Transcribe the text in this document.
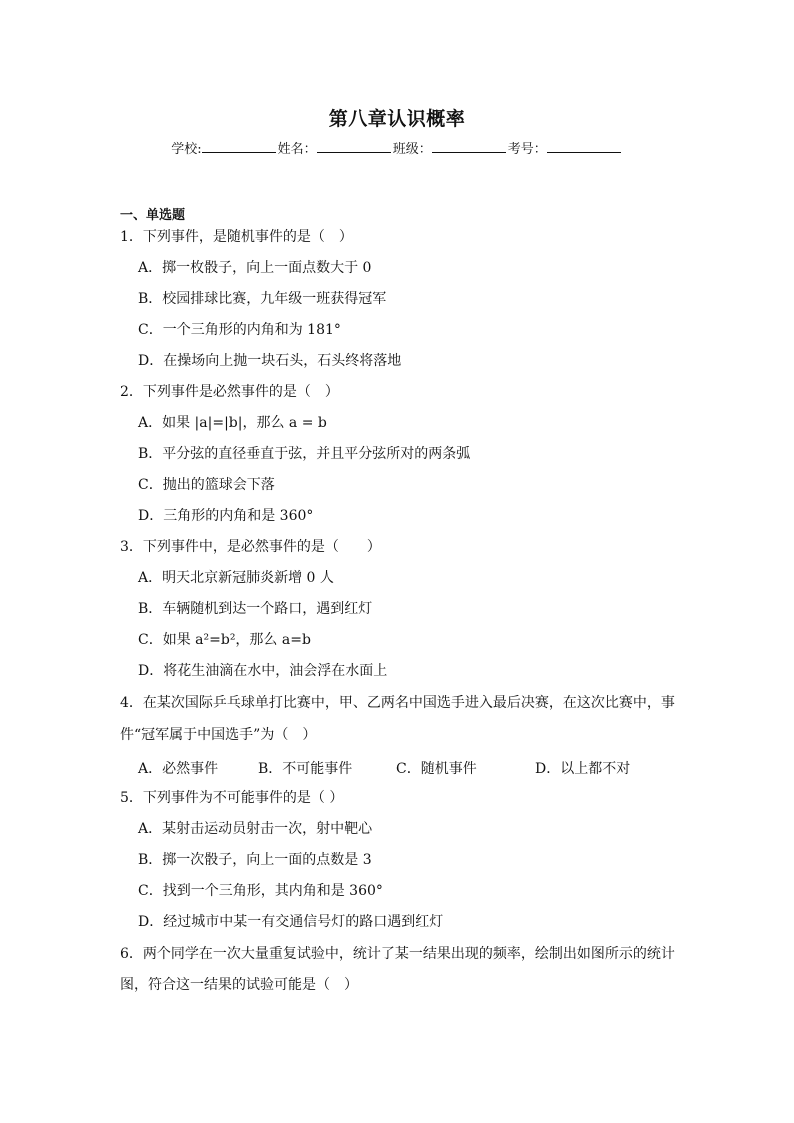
第八章认识概率
学校:	姓名：	班级：	考号：
一、单选题
1．下列事件，是随机事件的是（　）
A．掷一枚骰子，向上一面点数大于 0
B．校园排球比赛，九年级一班获得冠军
C．一个三角形的内角和为 181°
D．在操场向上抛一块石头，石头终将落地
2．下列事件是必然事件的是（　）
A．如果 |a|=|b|，那么 a = b
B．平分弦的直径垂直于弦，并且平分弦所对的两条弧
C．抛出的篮球会下落
D．三角形的内角和是 360°
3．下列事件中，是必然事件的是（　　）
A．明天北京新冠肺炎新增 0 人
B．车辆随机到达一个路口，遇到红灯
C．如果 a²=b²，那么 a=b
D．将花生油滴在水中，油会浮在水面上
4．在某次国际乒乓球单打比赛中，甲、乙两名中国选手进入最后决赛，在这次比赛中，事
件“冠军属于中国选手”为（　）
A．必然事件	B．不可能事件	C．随机事件	D．以上都不对
5．下列事件为不可能事件的是（ ）
A．某射击运动员射击一次，射中靶心
B．掷一次骰子，向上一面的点数是 3
C．找到一个三角形，其内角和是 360°
D．经过城市中某一有交通信号灯的路口遇到红灯
6．两个同学在一次大量重复试验中，统计了某一结果出现的频率，绘制出如图所示的统计
图，符合这一结果的试验可能是（　）
